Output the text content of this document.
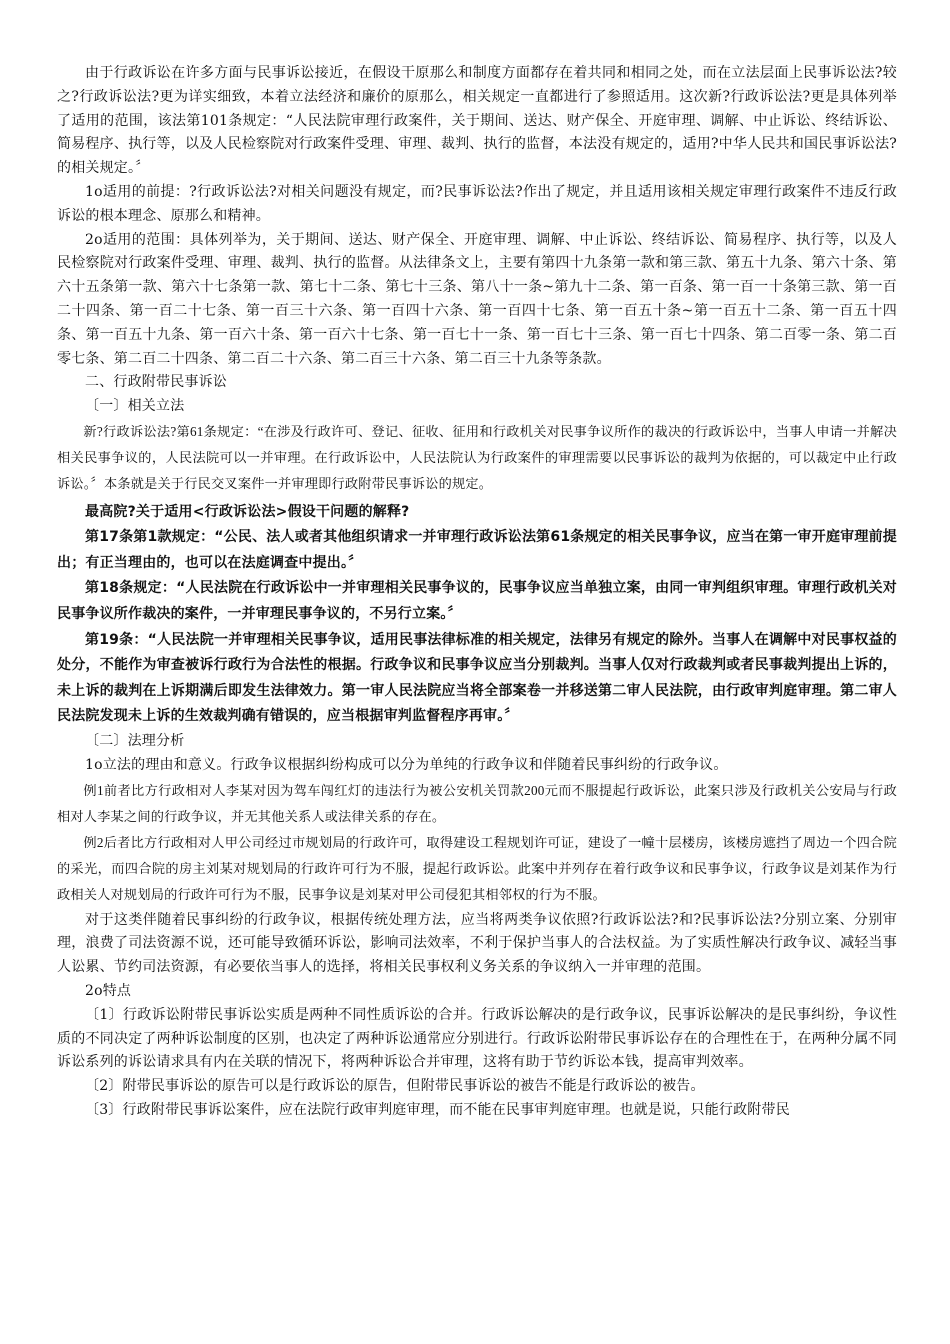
由于行政诉讼在许多方面与民事诉讼接近，在假设干原那么和制度方面都存在着共同和相同之处，而在立法层面上民事诉讼法?较之?行政诉讼法?更为详实细致，本着立法经济和廉价的原那么，相关规定一直都进行了参照适用。这次新?行政诉讼法?更是具体列举了适用的范围，该法第101条规定：“人民法院审理行政案件，关于期间、送达、财产保全、开庭审理、调解、中止诉讼、终结诉讼、简易程序、执行等，以及人民检察院对行政案件受理、审理、裁判、执行的监督，本法没有规定的，适用?中华人民共和国民事诉讼法?的相关规定。〞

1o适用的前提：?行政诉讼法?对相关问题没有规定，而?民事诉讼法?作出了规定，并且适用该相关规定审理行政案件不违反行政诉讼的根本理念、原那么和精神。

2o适用的范围：具体列举为，关于期间、送达、财产保全、开庭审理、调解、中止诉讼、终结诉讼、简易程序、执行等，以及人民检察院对行政案件受理、审理、裁判、执行的监督。从法律条文上，主要有第四十九条第一款和第三款、第五十九条、第六十条、第六十五条第一款、第六十七条第一款、第七十二条、第七十三条、第八十一条~第九十二条、第一百条、第一百一十条第三款、第一百二十四条、第一百二十七条、第一百三十六条、第一百四十六条、第一百四十七条、第一百五十条~第一百五十二条、第一百五十四条、第一百五十九条、第一百六十条、第一百六十七条、第一百七十一条、第一百七十三条、第一百七十四条、第二百零一条、第二百零七条、第二百二十四条、第二百二十六条、第二百三十六条、第二百三十九条等条款。

二、行政附带民事诉讼

〔一〕相关立法

新?行政诉讼法?第61条规定：“在涉及行政许可、登记、征收、征用和行政机关对民事争议所作的裁决的行政诉讼中，当事人申请一并解决相关民事争议的，人民法院可以一并审理。在行政诉讼中，人民法院认为行政案件的审理需要以民事诉讼的裁判为依据的，可以裁定中止行政诉讼。〞本条就是关于行民交叉案件一并审理即行政附带民事诉讼的规定。

最高院?关于适用<行政诉讼法>假设干问题的解释?

第17条第1款规定：“公民、法人或者其他组织请求一并审理行政诉讼法第61条规定的相关民事争议，应当在第一审开庭审理前提出；有正当理由的，也可以在法庭调查中提出。〞

第18条规定：“人民法院在行政诉讼中一并审理相关民事争议的，民事争议应当单独立案，由同一审判组织审理。审理行政机关对民事争议所作裁决的案件，一并审理民事争议的，不另行立案。〞

第19条：“人民法院一并审理相关民事争议，适用民事法律标准的相关规定，法律另有规定的除外。当事人在调解中对民事权益的处分，不能作为审查被诉行政行为合法性的根据。行政争议和民事争议应当分别裁判。当事人仅对行政裁判或者民事裁判提出上诉的，未上诉的裁判在上诉期满后即发生法律效力。第一审人民法院应当将全部案卷一并移送第二审人民法院，由行政审判庭审理。第二审人民法院发现未上诉的生效裁判确有错误的，应当根据审判监督程序再审。〞

〔二〕法理分析

1o立法的理由和意义。行政争议根据纠纷构成可以分为单纯的行政争议和伴随着民事纠纷的行政争议。

例1前者比方行政相对人李某对因为驾车闯红灯的违法行为被公安机关罚款200元而不服提起行政诉讼，此案只涉及行政机关公安局与行政相对人李某之间的行政争议，并无其他关系人或法律关系的存在。

例2后者比方行政相对人甲公司经过市规划局的行政许可，取得建设工程规划许可证，建设了一幢十层楼房，该楼房遮挡了周边一个四合院的采光，而四合院的房主刘某对规划局的行政许可行为不服，提起行政诉讼。此案中并列存在着行政争议和民事争议，行政争议是刘某作为行政相关人对规划局的行政许可行为不服，民事争议是刘某对甲公司侵犯其相邻权的行为不服。

对于这类伴随着民事纠纷的行政争议，根据传统处理方法，应当将两类争议依照?行政诉讼法?和?民事诉讼法?分别立案、分别审理，浪费了司法资源不说，还可能导致循环诉讼，影响司法效率，不利于保护当事人的合法权益。为了实质性解决行政争议、减轻当事人讼累、节约司法资源，有必要依当事人的选择，将相关民事权利义务关系的争议纳入一并审理的范围。

2o特点

〔1〕行政诉讼附带民事诉讼实质是两种不同性质诉讼的合并。行政诉讼解决的是行政争议，民事诉讼解决的是民事纠纷，争议性质的不同决定了两种诉讼制度的区别，也决定了两种诉讼通常应分别进行。行政诉讼附带民事诉讼存在的合理性在于，在两种分属不同诉讼系列的诉讼请求具有内在关联的情况下，将两种诉讼合并审理，这将有助于节约诉讼本钱，提高审判效率。

〔2〕附带民事诉讼的原告可以是行政诉讼的原告，但附带民事诉讼的被告不能是行政诉讼的被告。

〔3〕行政附带民事诉讼案件，应在法院行政审判庭审理，而不能在民事审判庭审理。也就是说，只能行政附带民
